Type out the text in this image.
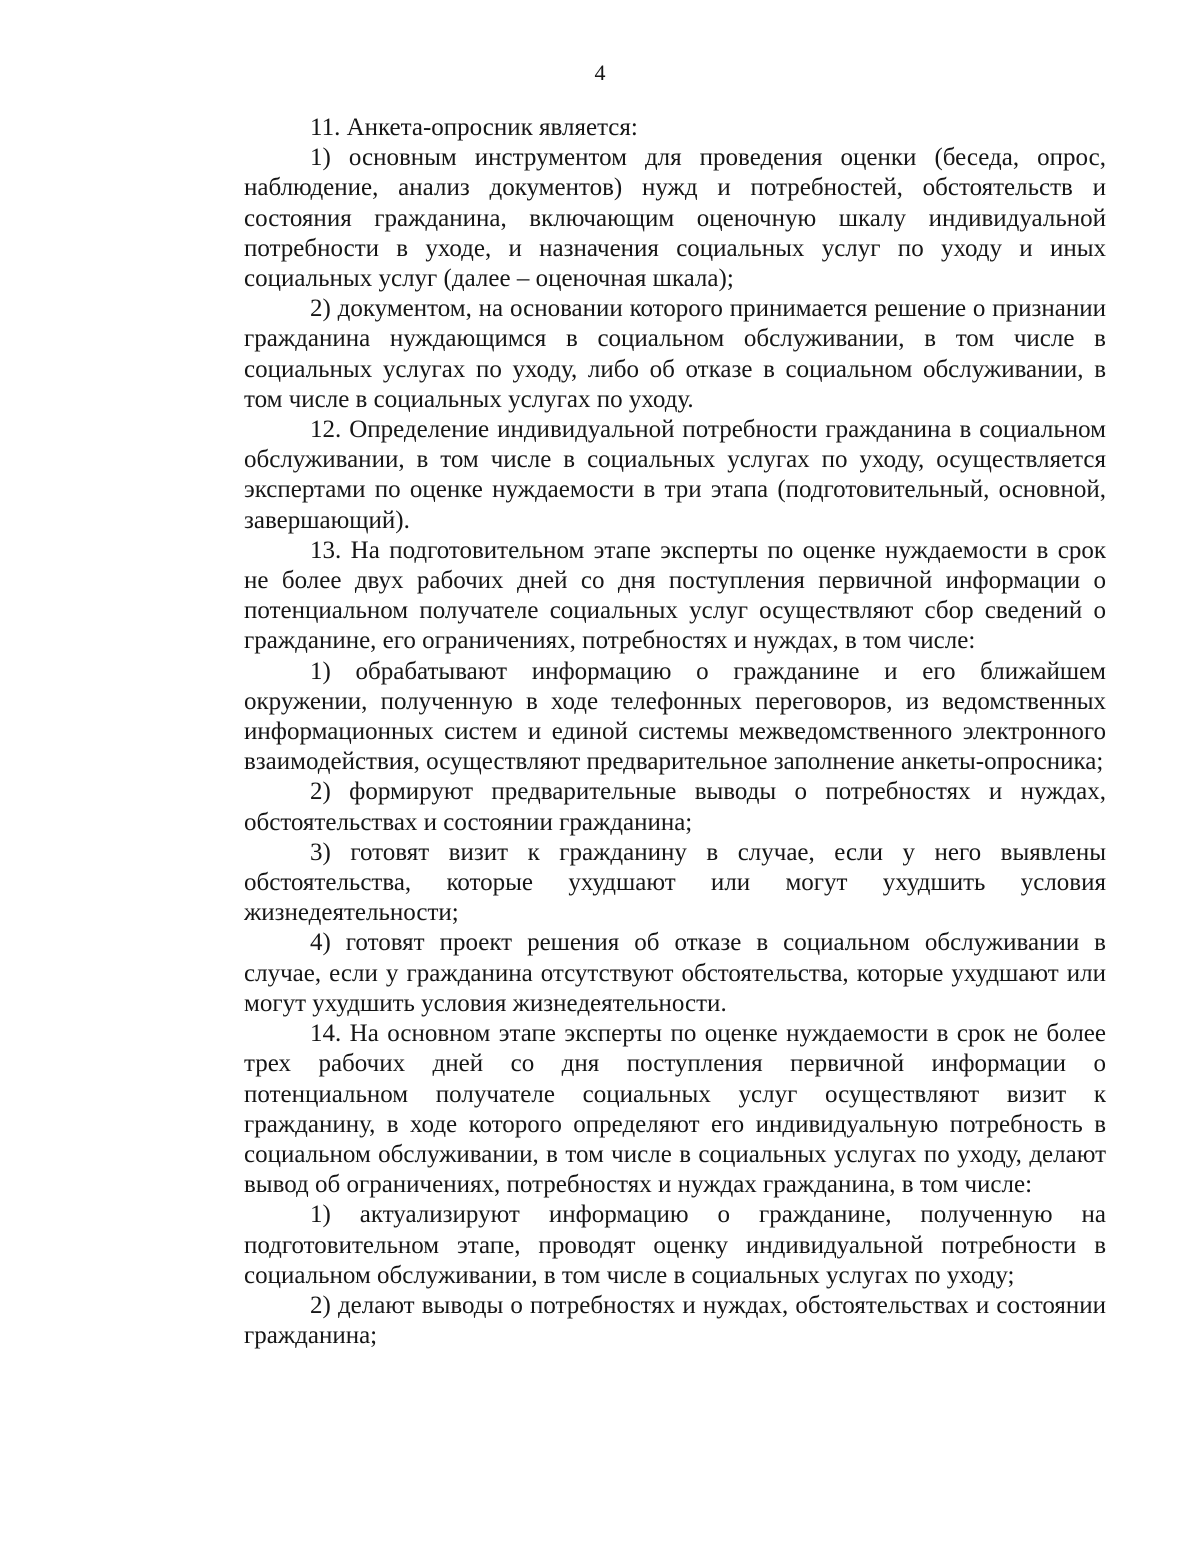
4

11. Анкета-опросник является:

1) основным инструментом для проведения оценки (беседа, опрос, наблюдение, анализ документов) нужд и потребностей, обстоятельств и состояния гражданина, включающим оценочную шкалу индивидуальной потребности в уходе, и назначения социальных услуг по уходу и иных социальных услуг (далее – оценочная шкала);

2) документом, на основании которого принимается решение о признании гражданина нуждающимся в социальном обслуживании, в том числе в социальных услугах по уходу, либо об отказе в социальном обслуживании, в том числе в социальных услугах по уходу.

12. Определение индивидуальной потребности гражданина в социальном обслуживании, в том числе в социальных услугах по уходу, осуществляется экспертами по оценке нуждаемости в три этапа (подготовительный, основной, завершающий).

13. На подготовительном этапе эксперты по оценке нуждаемости в срок не более двух рабочих дней со дня поступления первичной информации о потенциальном получателе социальных услуг осуществляют сбор сведений о гражданине, его ограничениях, потребностях и нуждах, в том числе:

1) обрабатывают информацию о гражданине и его ближайшем окружении, полученную в ходе телефонных переговоров, из ведомственных информационных систем и единой системы межведомственного электронного взаимодействия, осуществляют предварительное заполнение анкеты-опросника;

2) формируют предварительные выводы о потребностях и нуждах, обстоятельствах и состоянии гражданина;

3) готовят визит к гражданину в случае, если у него выявлены обстоятельства, которые ухудшают или могут ухудшить условия жизнедеятельности;

4) готовят проект решения об отказе в социальном обслуживании в случае, если у гражданина отсутствуют обстоятельства, которые ухудшают или могут ухудшить условия жизнедеятельности.

14. На основном этапе эксперты по оценке нуждаемости в срок не более трех рабочих дней со дня поступления первичной информации о потенциальном получателе социальных услуг осуществляют визит к гражданину, в ходе которого определяют его индивидуальную потребность в социальном обслуживании, в том числе в социальных услугах по уходу, делают вывод об ограничениях, потребностях и нуждах гражданина, в том числе:

1) актуализируют информацию о гражданине, полученную на подготовительном этапе, проводят оценку индивидуальной потребности в социальном обслуживании, в том числе в социальных услугах по уходу;

2) делают выводы о потребностях и нуждах, обстоятельствах и состоянии гражданина;
